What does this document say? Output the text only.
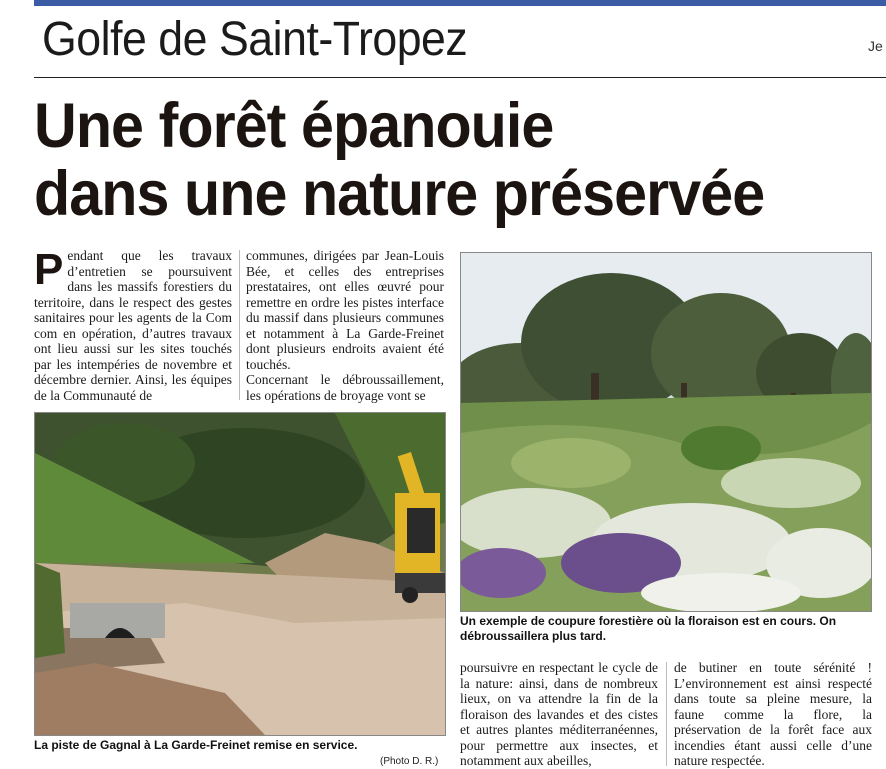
Golfe de Saint-Tropez	Je
Une forêt épanouie
dans une nature préservée
P endant que les travaux d’entretien se poursuivent dans les massifs forestiers du territoire, dans le respect des gestes sanitaires pour les agents de la Com com en opération, d’autres travaux ont lieu aussi sur les sites touchés par les intempéries de novembre et décembre dernier. Ainsi, les équipes de la Communauté de

communes, dirigées par Jean-Louis Bée, et celles des entreprises prestataires, ont elles œuvré pour remettre en ordre les pistes interface du massif dans plusieurs communes et notamment à La Garde-Freinet dont plusieurs endroits avaient été touchés.

Concernant le débroussaillement, les opérations de broyage vont se

La piste de Gagnal à La Garde-Freinet remise en service.
(Photo D. R.)
Un exemple de coupure forestière où la floraison est en cours. On débroussaillera plus tard.

poursuivre en respectant le cycle de la nature: ainsi, dans de nombreux lieux, on va attendre la fin de la floraison des lavandes et des cistes et autres plantes méditerranéennes, pour permettre aux insectes, et notamment aux abeilles,

de butiner en toute sérénité ! L’environnement est ainsi respecté dans toute sa pleine mesure, la faune comme la flore, la préservation de la forêt face aux incendies étant aussi celle d’une nature respectée.
